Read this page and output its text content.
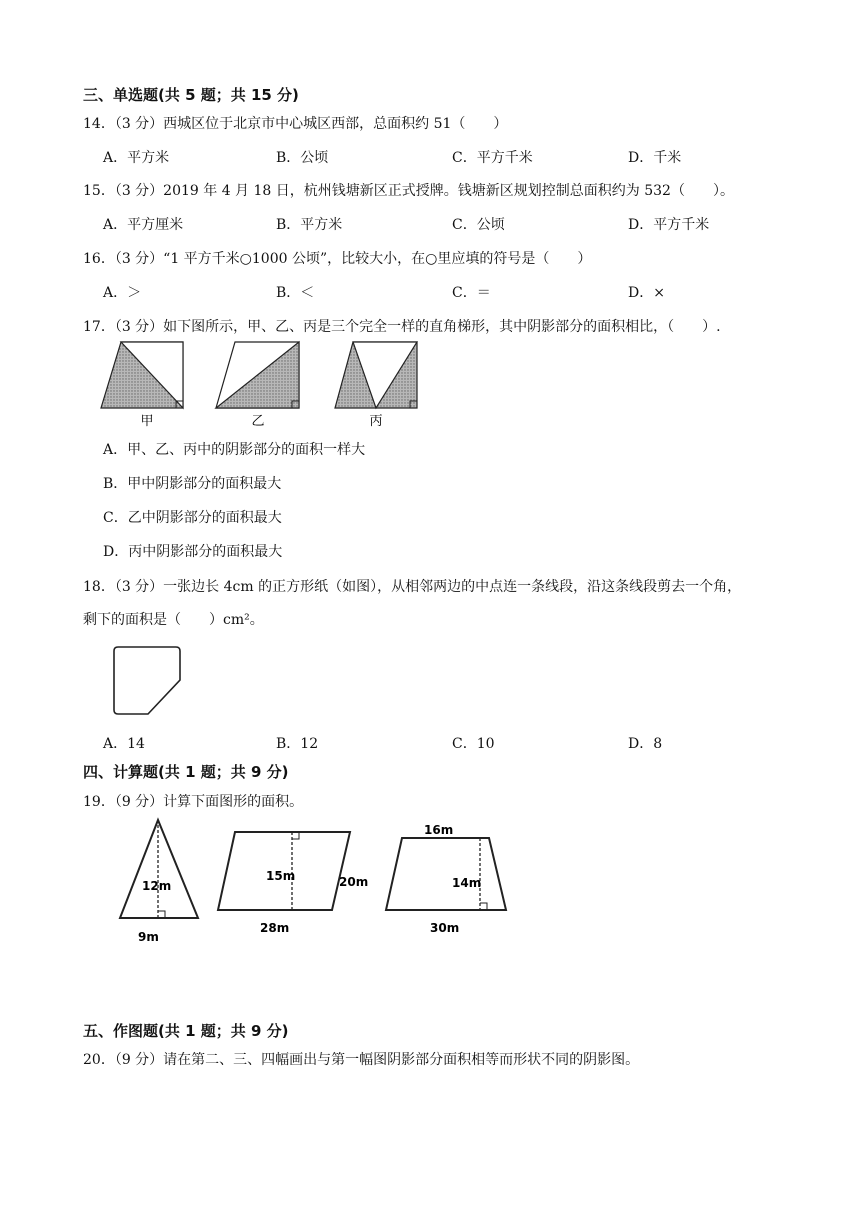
三、单选题(共 5 题；共 15 分)
14．（3 分）西城区位于北京市中心城区西部，总面积约 51（　　）
A．平方米	B．公顷	C．平方千米	D．千米
15．（3 分）2019 年 4 月 18 日，杭州钱塘新区正式授牌。钱塘新区规划控制总面积约为 532（　　）。
A．平方厘米	B．平方米	C．公顷	D．平方千米
16．（3 分）“1 平方千米○1000 公顷”，比较大小，在○里应填的符号是（　　）
A．＞	B．＜	C．＝	D．×
17．（3 分）如下图所示，甲、乙、丙是三个完全一样的直角梯形，其中阴影部分的面积相比，（　　）.
甲	乙	丙
A．甲、乙、丙中的阴影部分的面积一样大
B．甲中阴影部分的面积最大
C．乙中阴影部分的面积最大
D．丙中阴影部分的面积最大
18．（3 分）一张边长 4cm 的正方形纸（如图），从相邻两边的中点连一条线段，沿这条线段剪去一个角，
剩下的面积是（　　）cm²。
A．14	B．12	C．10	D．8
四、计算题(共 1 题；共 9 分)
19．（9 分）计算下面图形的面积。
12m
9m
15m	20m
28m
16m
14m
30m
五、作图题(共 1 题；共 9 分)
20．（9 分）请在第二、三、四幅画出与第一幅图阴影部分面积相等而形状不同的阴影图。
